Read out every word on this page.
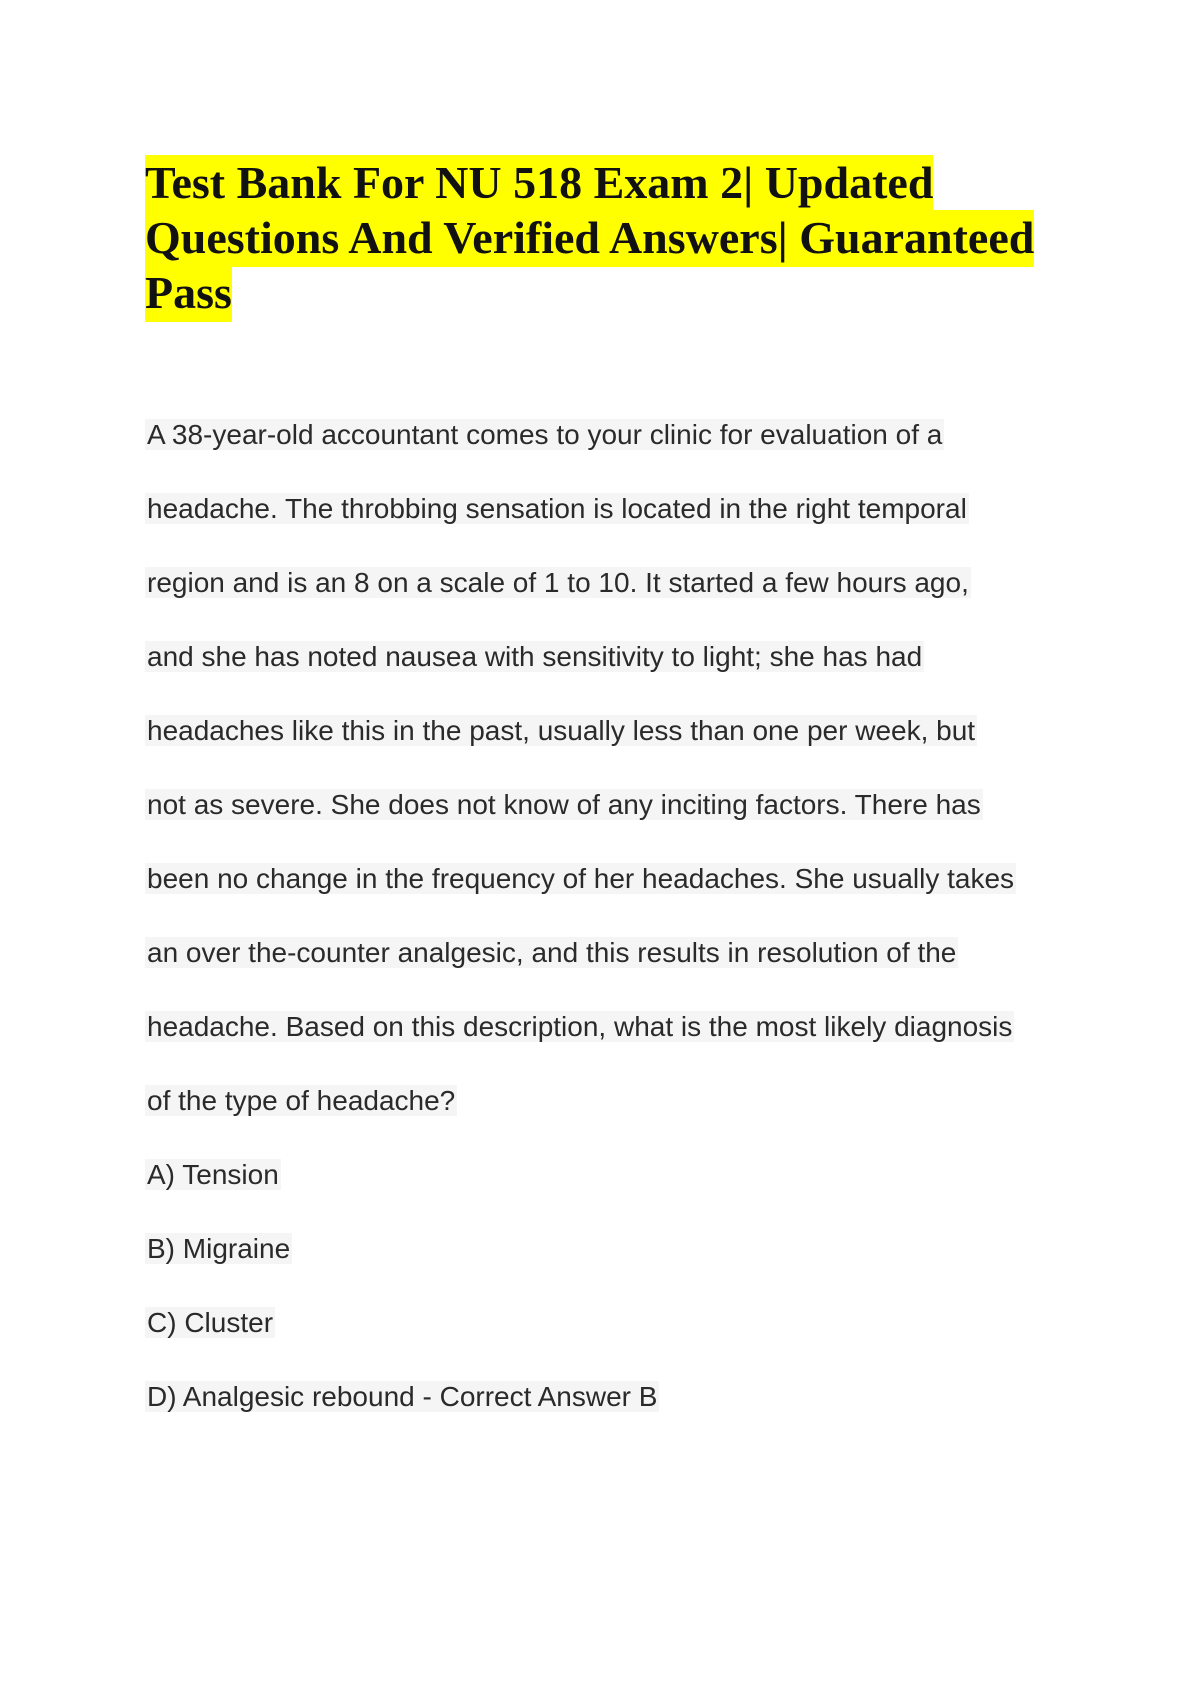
Test Bank For NU 518 Exam 2| Updated
Questions And Verified Answers| Guaranteed
Pass
A 38-year-old accountant comes to your clinic for evaluation of a
headache. The throbbing sensation is located in the right temporal
region and is an 8 on a scale of 1 to 10. It started a few hours ago,
and she has noted nausea with sensitivity to light; she has had
headaches like this in the past, usually less than one per week, but
not as severe. She does not know of any inciting factors. There has
been no change in the frequency of her headaches. She usually takes
an over the-counter analgesic, and this results in resolution of the
headache. Based on this description, what is the most likely diagnosis
of the type of headache?
A) Tension
B) Migraine
C) Cluster
D) Analgesic rebound - Correct Answer B
